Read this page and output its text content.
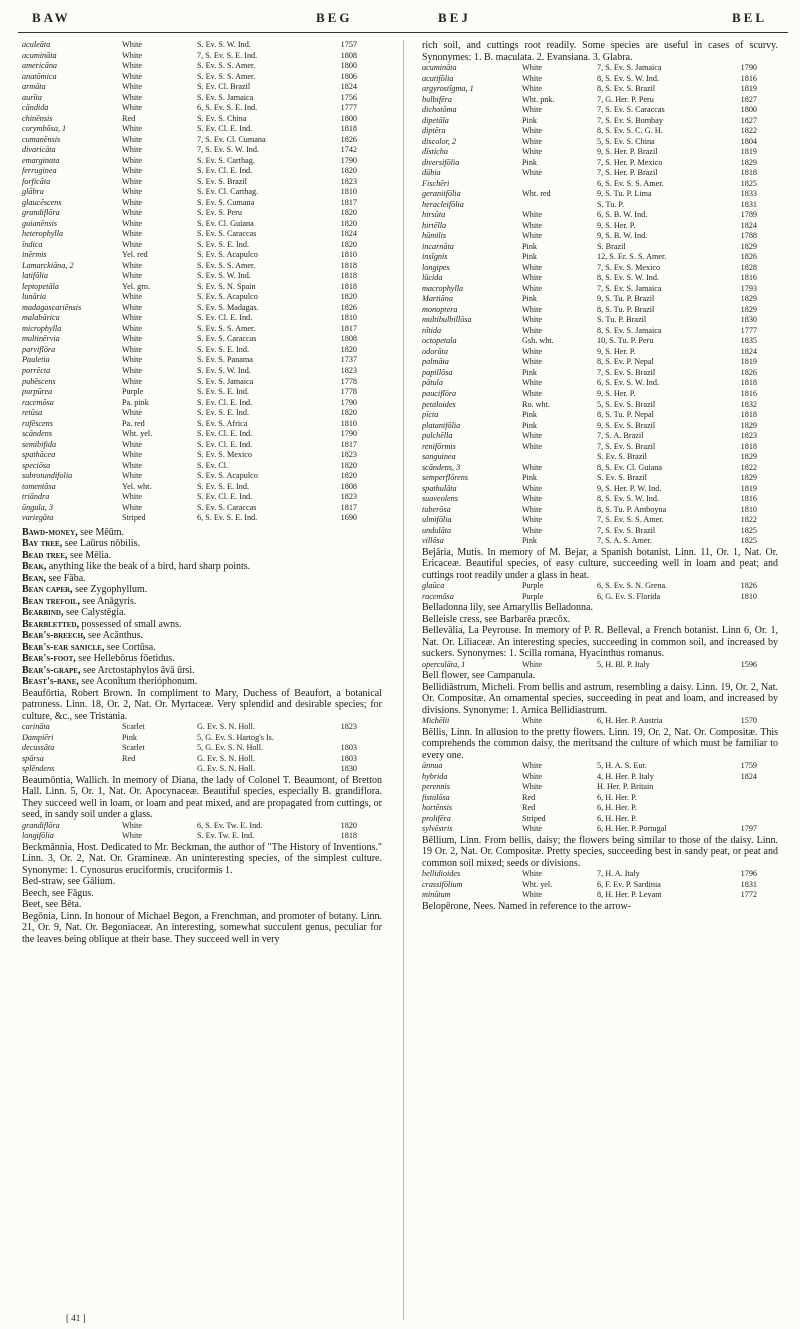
BAW	BEG	BEJ	BEL
aculeāta	White	S. Ev. S. W. Ind.	1757
acumināta	White	7, S. Ev. S. E. Ind.	1808
americāna	White	S. Ev. S. S. Amer.	1800
anatōmica	White	S. Ev. S. S. Amer.	1806
armāta	White	S. Ev. Cl. Brazil	1824
aurīta	White	S. Ev. S. Jamaica	1756
cāndida	White	6, S. Ev. S. E. Ind.	1777
chinēnsis	Red	S. Ev. S. China	1800
corymbōsa, 1	White	S. Ev. Cl. E. Ind.	1818
cumanēnsis	White	7, S. Ev. Cl. Cumana	1826
divaricāta	White	7, S. Ev. S. W. Ind.	1742
emarginata	White	S. Ev. S. Carthag.	1790
ferruginea	White	S. Ev. Cl. E. Ind.	1820
forficāta	White	S. Ev. S. Brazil	1823
glābra	White	S. Ev. Cl. Carthag.	1810
glaucēscens	White	S. Ev. S. Cumana	1817
grandiflōra	White	S. Ev. S. Peru	1820
guianēnsis	White	S. Ev. Cl. Guiana	1820
heterophylla	White	S. Ev. S. Caraccas	1824
īndica	White	S. Ev. S. E. Ind.	1820
inērmis	Yel. red	S. Ev. S. Acapulco	1810
Lamarckiāna, 2	White	S. Ev. S. S. Amer.	1818
latifōlia	White	S. Ev. S. W. Ind.	1818
leptopetāla	Yel. grn.	S. Ev. S. N. Spain	1818
lunāria	White	S. Ev. S. Acapulco	1820
madagascariēnsis	White	S. Ev. S. Madagas.	1826
malabārica	White	S. Ev. Cl. E. Ind.	1810
microphylla	White	S. Ev. S. S. Amer.	1817
multinērvia	White	S. Ev. S. Caraccas	1808
parviflōra	White	S. Ev. S. E. Ind.	1820
Pauletia	White	S. Ev. S. Panama	1737
porrēcta	White	S. Ev. S. W. Ind.	1823
pubēscens	White	S. Ev. S. Jamaica	1778
purpūrea	Purple	S. Ev. S. E. Ind.	1778
racemōsa	Pa. pink	S. Ev. Cl. E. Ind.	1790
retūsa	White	S. Ev. S. E. Ind.	1820
rufēscens	Pa. red	S. Ev. S. Africa	1810
scāndens	Wht. yel.	S. Ev. Cl. E. Ind.	1790
semibifida	White	S. Ev. Cl. E. Ind.	1817
spathācea	White	S. Ev. S. Mexico	1823
speciōsa	White	S. Ev. Cl.	1820
subrotundifolia	White	S. Ev. S. Acapulco	1820
tomentōsa	Yel. wht.	S. Ev. S. E. Ind.	1808
triāndra	White	S. Ev. Cl. E. Ind.	1823
ūngula, 3	White	S. Ev. S. Caraccas	1817
variegāta	Striped	6, S. Ev. S. E. Ind.	1690

Bawd-money, see Mēūm.

Bay tree, see Laūrus nōbilis.

Bead tree, see Mēlia.

Beak, anything like the beak of a bird, hard sharp points.

Bean, see Fāba.

Bean caper, see Zygophyllum.

Bean trefoil, see Anāgyris.

Bearbind, see Calystēgia.

Bearbletted, possessed of small awns.

Bear's-breech, see Acānthus.

Bear's-ear sanicle, see Cortūsa.

Bear's-foot, see Hellebōrus fōetidus.

Bear's-grape, see Arctostaphylos āvā ūrsi.

Beast's-bane, see Aconītum therióphonum.

Beaufōrtia, Robert Brown. In compliment to Mary, Duchess of Beaufort, a botanical patroness. Linn. 18, Or. 2, Nat. Or. Myrtaceæ. Very splendid and desirable species; for culture, &c., see Tristania.

carināta	Scarlet	G. Ev. S. N. Holl.	1823
Dampiēri	Pink	5, G. Ev. S. Hartog's Is.
decussāta	Scarlet	5, G. Ev. S. N. Holl.	1803
spārsa	Red	G. Ev. S. N. Holl.	1803
splēndens	G. Ev. S. N. Holl.	1830

Beaumōntia, Wallich. In memory of Diana, the lady of Colonel T. Beaumont, of Bretton Hall. Linn. 5, Or. 1, Nat. Or. Apocynaceæ. Beautiful species, especially B. grandiflora. They succeed well in loam, or loam and peat mixed, and are propagated from cuttings, or seed, in sandy soil under a glass.

grandiflōra	White	6, S. Ev. Tw. E. Ind.	1820
longifōlia	White	S. Ev. Tw. E. Ind.	1818

Beckmānnia, Host. Dedicated to Mr. Beckman, the author of "The History of Inventions." Linn. 3, Or. 2, Nat. Or. Gramineæ. An uninteresting species, of the simplest culture. Synonyme: 1. Cynosurus eruciformis, cruciformis 1.

Bed-straw, see Gālium.

Beech, see Fāgus.

Beet, see Bēta.

Begōnia, Linn. In honour of Michael Begon, a Frenchman, and promoter of botany. Linn. 21, Or. 9, Nat. Or. Begoniaceæ. An interesting, somewhat succulent genus, peculiar for the leaves being oblique at their base. They succeed well in very

rich soil, and cuttings root readily. Some species are useful in cases of scurvy. Synonymes: 1. B. maculata. 2. Evansiana. 3. Glabra.

acumināta	White	7, S. Ev. S. Jamaica	1790
acutifōlia	White	8, S. Ev. S. W. Ind.	1816
argyrostīgma, 1	White	8, S. Ev. S. Brazil	1819
bulbifēra	Wht. pnk.	7, G. Her. P. Peru	1827
dichotōma	White	7, S. Ev. S. Caraccas	1800
dipetāla	Pink	7, S. Ev. S. Bombay	1827
diptēra	White	8, S. Ev. S. C. G. H.	1822
discolor, 2	White	5, S. Ev. S. China	1804
dīsticha	White	9, S. Her. P. Brazil	1819
diversifōlia	Pink	7, S. Her. P. Mexico	1829
dūbia	White	7, S. Her. P. Brazil	1818
Fischēri	6, S. Ev. S. S. Amer.	1825
geraniifōlia	Wht. red	9, S. Tu. P. Lima	1833
heracleifōlia	S. Tu. P.	1831
hirsūta	White	6, S. B. W. Ind.	1789
hirtēlla	White	9, S. Her. P.	1824
hūmilis	White	9, S. B. W. Ind.	1788
incarnāta	Pink	S. Brazil	1829
insīgnis	Pink	12, S. Er. S. S. Amer.	1826
longipes	White	7, S. Ev. S. Mexico	1828
lūcida	White	8, S. Ev. S. W. Ind.	1816
macrophylla	White	7, S. Ev. S. Jamaica	1793
Martiāna	Pink	9, S. Tu. P. Brazil	1829
monoptera	White	8, S. Tu. P. Brazil	1829
multibulbillōsa	White	S. Tu. P. Brazil	1830
nītida	White	8, S. Ev. S. Jamaica	1777
octopetala	Gsh. wht.	10, S. Tu. P. Peru	1835
odorāta	White	9, S. Her. P.	1824
palmāta	White	8, S. Ev. P. Nepal	1819
papillōsa	Pink	7, S. Ev. S. Brazil	1826
pātula	White	6, S. Ev. S. W. Ind.	1818
pauciflōra	White	9, S. Her. P.	1816
petaloides	Ro. wht.	5, S. Ev. S. Brazil	1832
pīcta	Pink	8, S. Tu. P. Nepal	1818
platanifōlia	Pink	9, S. Ev. S. Brazil	1829
pulchēlla	White	7, S. A. Brazil	1823
renifōrmis	White	7, S. Ev. S. Brazil	1818
sanguinea	S. Ev. S. Brazil	1829
scāndens, 3	White	8, S. Ev. Cl. Guiana	1822
semperflōrens	Pink	S. Ev. S. Brazil	1829
spathulāta	White	9, S. Her. P. W. Ind.	1819
suaveolens	White	8, S. Ev. S. W. Ind.	1816
tuberōsa	White	8, S. Tu. P. Amboyna	1810
ulmifōlia	White	7, S. Ev. S. S. Amer.	1822
undulāta	White	7, S. Ev. S. Brazil	1825
villōsa	Pink	7, S. A. S. Amer.	1825

Bejāria, Mutis. In memory of M. Bejar, a Spanish botanist. Linn. 11, Or. 1, Nat. Or. Ericaceæ. Beautiful species, of easy culture, succeeding well in loam and peat; and cuttings root readily under a glass in heat.

glaūca	Purple	6, S. Ev. S. N. Grena.	1826
racemōsa	Purple	6, G. Ev. S. Florida	1810

Belladonna lily, see Amaryllis Belladonna.

Belleisle cress, see Barbarēa præcōx.

Bellevālia, La Peyrouse. In memory of P. R. Belleval, a French botanist. Linn 6, Or. 1, Nat. Or. Liliaceæ. An interesting species, succeeding in common soil, and increased by suckers. Synonymes: 1. Scilla romana, Hyacinthus romanus.

operculāta, 1	White	5, H. Bl. P. Italy	1596

Bell flower, see Campanula.

Bellidiāstrum, Micheli. From bellis and astrum, resembling a daisy. Linn. 19, Or. 2, Nat. Or. Compositæ. An ornamental species, succeeding in peat and loam, and increased by divisions. Synonyme: 1. Arnica Bellidiastrum.

Michēlii	White	6, H. Her. P. Austria	1570

Bēllis, Linn. In allusion to the pretty flowers. Linn. 19, Or. 2, Nat. Or. Compositæ. This comprehends the common daisy, the meritsand the culture of which must be familiar to every one.

ānnua	White	5, H. A. S. Eur.	1759
hybrida	White	4, H. Her. P. Italy	1824
perennis	White	H. Her. P. Britain
fistulōsa	Red	6, H. Her. P.
hortēnsis	Red	6, H. Her. P.
prolifēra	Striped	6, H. Her. P.
sylvēstris	White	6, H. Her. P. Portugal	1797

Bēllium, Linn. From bellis, daisy; the flowers being similar to those of the daisy. Linn. 19 Or. 2, Nat. Or. Compositæ. Pretty species, succeeding best in sandy peat, or peat and common soil mixed; seeds or divisions.

bellidioides	White	7, H. A. Italy	1796
crassifōlium	Wht. yel.	6, F. Ev. P. Sardinia	1831
minūtum	White	8, H. Her. P. Levant	1772

Belopērone, Nees. Named in reference to the arrow-

[ 41 ]
